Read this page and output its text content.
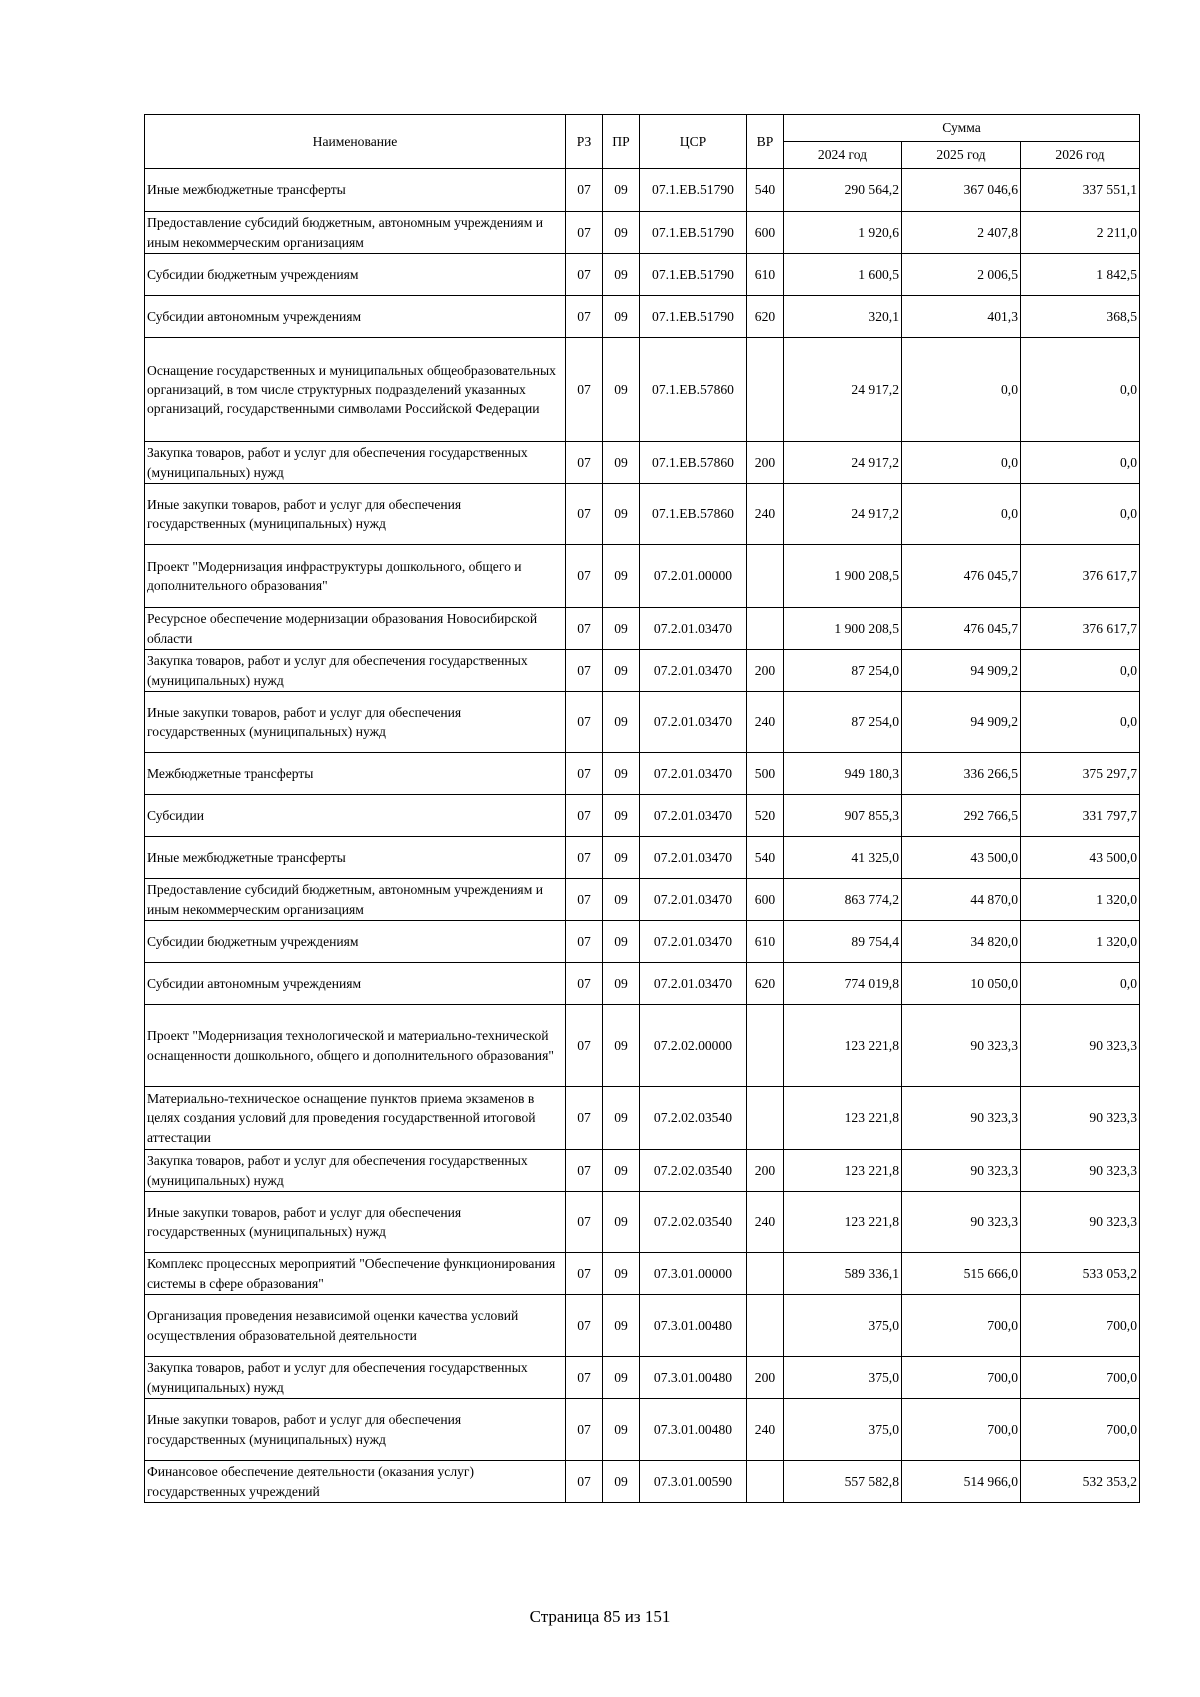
Наименование	РЗ	ПР	ЦСР	ВР	Сумма		
					2024 год	2025 год	2026 год
Иные межбюджетные трансферты	07	09	07.1.EB.51790	540	290 564,2	367 046,6	337 551,1
Предоставление субсидий бюджетным, автономным учреждениям и иным некоммерческим организациям	07	09	07.1.EB.51790	600	1 920,6	2 407,8	2 211,0
Субсидии бюджетным учреждениям	07	09	07.1.EB.51790	610	1 600,5	2 006,5	1 842,5
Субсидии автономным учреждениям	07	09	07.1.EB.51790	620	320,1	401,3	368,5
Оснащение государственных и муниципальных общеобразовательных организаций, в том числе структурных подразделений указанных организаций, государственными символами Российской Федерации	07	09	07.1.EB.57860		24 917,2	0,0	0,0
Закупка товаров, работ и услуг для обеспечения государственных (муниципальных) нужд	07	09	07.1.EB.57860	200	24 917,2	0,0	0,0
Иные закупки товаров, работ и услуг для обеспечения государственных (муниципальных) нужд	07	09	07.1.EB.57860	240	24 917,2	0,0	0,0
Проект "Модернизация инфраструктуры дошкольного, общего и дополнительного образования"	07	09	07.2.01.00000		1 900 208,5	476 045,7	376 617,7
Ресурсное обеспечение модернизации образования Новосибирской области	07	09	07.2.01.03470		1 900 208,5	476 045,7	376 617,7
Закупка товаров, работ и услуг для обеспечения государственных (муниципальных) нужд	07	09	07.2.01.03470	200	87 254,0	94 909,2	0,0
Иные закупки товаров, работ и услуг для обеспечения государственных (муниципальных) нужд	07	09	07.2.01.03470	240	87 254,0	94 909,2	0,0
Межбюджетные трансферты	07	09	07.2.01.03470	500	949 180,3	336 266,5	375 297,7
Субсидии	07	09	07.2.01.03470	520	907 855,3	292 766,5	331 797,7
Иные межбюджетные трансферты	07	09	07.2.01.03470	540	41 325,0	43 500,0	43 500,0
Предоставление субсидий бюджетным, автономным учреждениям и иным некоммерческим организациям	07	09	07.2.01.03470	600	863 774,2	44 870,0	1 320,0
Субсидии бюджетным учреждениям	07	09	07.2.01.03470	610	89 754,4	34 820,0	1 320,0
Субсидии автономным учреждениям	07	09	07.2.01.03470	620	774 019,8	10 050,0	0,0
Проект "Модернизация технологической и материально-технической оснащенности дошкольного, общего и дополнительного образования"	07	09	07.2.02.00000		123 221,8	90 323,3	90 323,3
Материально-техническое оснащение пунктов приема экзаменов в целях создания условий для проведения государственной итоговой аттестации	07	09	07.2.02.03540		123 221,8	90 323,3	90 323,3
Закупка товаров, работ и услуг для обеспечения государственных (муниципальных) нужд	07	09	07.2.02.03540	200	123 221,8	90 323,3	90 323,3
Иные закупки товаров, работ и услуг для обеспечения государственных (муниципальных) нужд	07	09	07.2.02.03540	240	123 221,8	90 323,3	90 323,3
Комплекс процессных мероприятий "Обеспечение функционирования системы в сфере образования"	07	09	07.3.01.00000		589 336,1	515 666,0	533 053,2
Организация проведения независимой оценки качества условий осуществления образовательной деятельности	07	09	07.3.01.00480		375,0	700,0	700,0
Закупка товаров, работ и услуг для обеспечения государственных (муниципальных) нужд	07	09	07.3.01.00480	200	375,0	700,0	700,0
Иные закупки товаров, работ и услуг для обеспечения государственных (муниципальных) нужд	07	09	07.3.01.00480	240	375,0	700,0	700,0
Финансовое обеспечение деятельности (оказания услуг) государственных учреждений	07	09	07.3.01.00590		557 582,8	514 966,0	532 353,2
Страница 85 из 151
